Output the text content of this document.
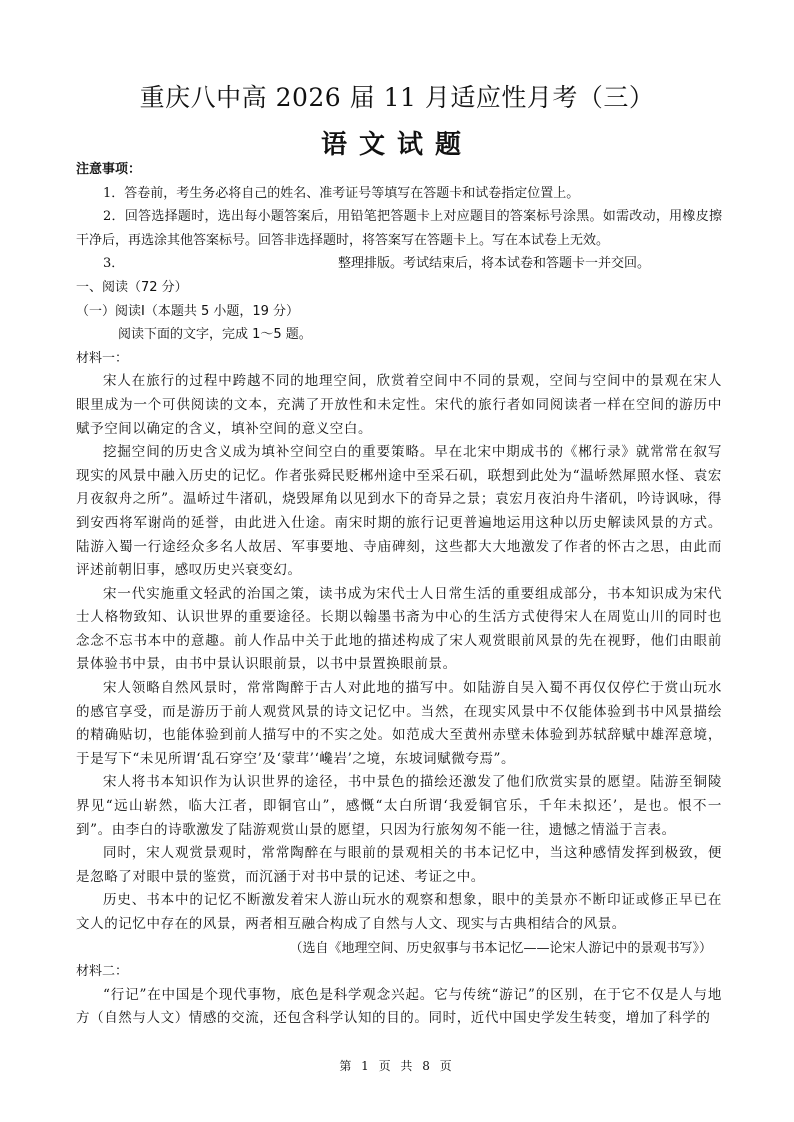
重庆八中高 2026 届 11 月适应性月考（三）
语文试题

注意事项：

1．答卷前，考生务必将自己的姓名、准考证号等填写在答题卡和试卷指定位置上。

2．回答选择题时，选出每小题答案后，用铅笔把答题卡上对应题目的答案标号涂黑。如需改动，用橡皮擦干净后，再选涂其他答案标号。回答非选择题时，将答案写在答题卡上。写在本试卷上无效。

3．	整理排版。考试结束后，将本试卷和答题卡一并交回。

一、阅读（72 分）

（一）阅读Ⅰ（本题共 5 小题，19 分）

阅读下面的文字，完成 1～5 题。

材料一：

宋人在旅行的过程中跨越不同的地理空间，欣赏着空间中不同的景观，空间与空间中的景观在宋人眼里成为一个可供阅读的文本，充满了开放性和未定性。宋代的旅行者如同阅读者一样在空间的游历中赋予空间以确定的含义，填补空间的意义空白。

挖掘空间的历史含义成为填补空间空白的重要策略。早在北宋中期成书的《郴行录》就常常在叙写现实的风景中融入历史的记忆。作者张舜民贬郴州途中至采石矶，联想到此处为“温峤然犀照水怪、袁宏月夜叙舟之所”。温峤过牛渚矶，烧毁犀角以见到水下的奇异之景；袁宏月夜泊舟牛渚矶，吟诗讽咏，得到安西将军谢尚的延誉，由此进入仕途。南宋时期的旅行记更普遍地运用这种以历史解读风景的方式。陆游入蜀一行途经众多名人故居、军事要地、寺庙碑刻，这些都大大地激发了作者的怀古之思，由此而评述前朝旧事，感叹历史兴衰变幻。

宋一代实施重文轻武的治国之策，读书成为宋代士人日常生活的重要组成部分，书本知识成为宋代士人格物致知、认识世界的重要途径。长期以翰墨书斋为中心的生活方式使得宋人在周览山川的同时也念念不忘书本中的意趣。前人作品中关于此地的描述构成了宋人观赏眼前风景的先在视野，他们由眼前景体验书中景，由书中景认识眼前景，以书中景置换眼前景。

宋人领略自然风景时，常常陶醉于古人对此地的描写中。如陆游自吴入蜀不再仅仅停伫于赏山玩水的感官享受，而是游历于前人观赏风景的诗文记忆中。当然，在现实风景中不仅能体验到书中风景描绘的精确贴切，也能体验到前人描写中的不实之处。如范成大至黄州赤壁未体验到苏轼辞赋中雄浑意境，于是写下“未见所谓‘乱石穿空’及‘蒙茸’‘巉岩’之境，东坡词赋微夸焉”。

宋人将书本知识作为认识世界的途径，书中景色的描绘还激发了他们欣赏实景的愿望。陆游至铜陵界见“远山崭然，临大江者，即铜官山”，感慨“太白所谓‘我爱铜官乐，千年未拟还’，是也。恨不一到”。由李白的诗歌激发了陆游观赏山景的愿望，只因为行旅匆匆不能一往，遗憾之情溢于言表。

同时，宋人观赏景观时，常常陶醉在与眼前的景观相关的书本记忆中，当这种感情发挥到极致，便是忽略了对眼中景的鉴赏，而沉涵于对书中景的记述、考证之中。

历史、书本中的记忆不断激发着宋人游山玩水的观察和想象，眼中的美景亦不断印证或修正早已在文人的记忆中存在的风景，两者相互融合构成了自然与人文、现实与古典相结合的风景。

（选自《地理空间、历史叙事与书本记忆——论宋人游记中的景观书写》）

材料二：

“行记”在中国是个现代事物，底色是科学观念兴起。它与传统“游记”的区别，在于它不仅是人与地方（自然与人文）情感的交流，还包含科学认知的目的。同时，近代中国史学发生转变，增加了科学的

第 1 页 共 8 页
